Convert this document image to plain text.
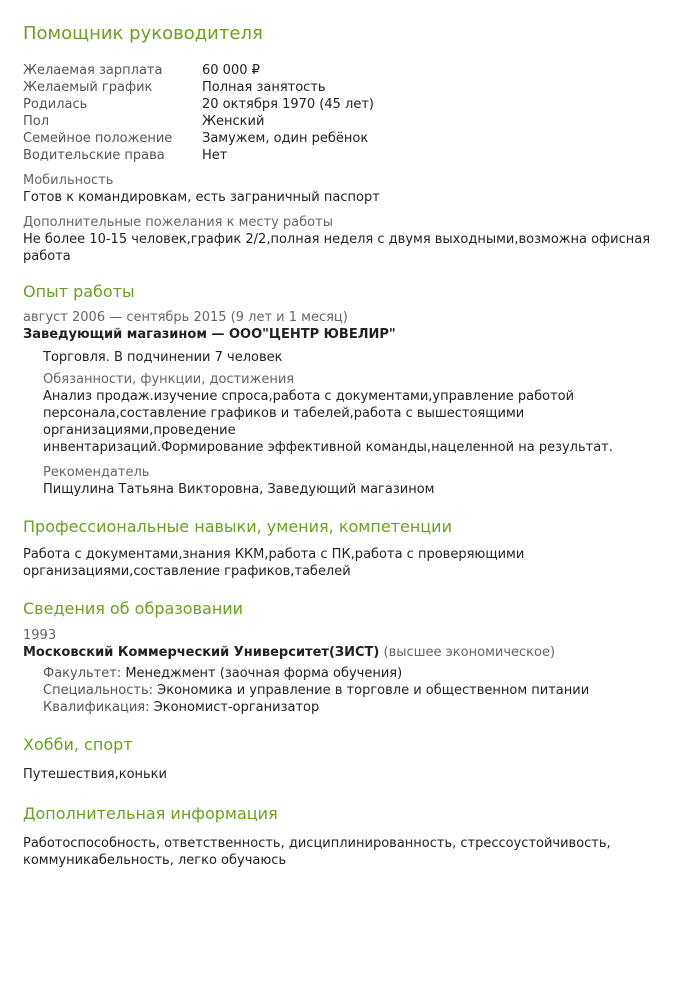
Помощник руководителя
Желаемая зарплата	60 000 ₽
Желаемый график	Полная занятость
Родилась	20 октября 1970 (45 лет)
Пол	Женский
Семейное положение	Замужем, один ребёнок
Водительские права	Нет
Мобильность
Готов к командировкам, есть заграничный паспорт
Дополнительные пожелания к месту работы
Не более 10-15 человек,график 2/2,полная неделя с двумя выходными,возможна офисная работа
Опыт работы
август 2006 — сентябрь 2015 (9 лет и 1 месяц)
Заведующий магазином — ООО"ЦЕНТР ЮВЕЛИР"
Торговля. В подчинении 7 человек
Обязанности, функции, достижения
Анализ продаж.изучение спроса,работа с документами,управление работой
персонала,составление графиков и табелей,работа с вышестоящими организациями,проведение
инвентаризаций.Формирование эффективной команды,нацеленной на результат.
Рекомендатель
Пищулина Татьяна Викторовна, Заведующий магазином
Профессиональные навыки, умения, компетенции
Работа с документами,знания ККМ,работа с ПК,работа с проверяющими
организациями,составление графиков,табелей
Сведения об образовании
1993
Московский Коммерческий Университет(ЗИСТ) (высшее экономическое)
Факультет: Менеджмент (заочная форма обучения)
Специальность: Экономика и управление в торговле и общественном питании
Квалификация: Экономист-организатор
Хобби, спорт
Путешествия,коньки
Дополнительная информация
Работоспособность, ответственность, дисциплинированность, стрессоустойчивость,
коммуникабельность, легко обучаюсь
